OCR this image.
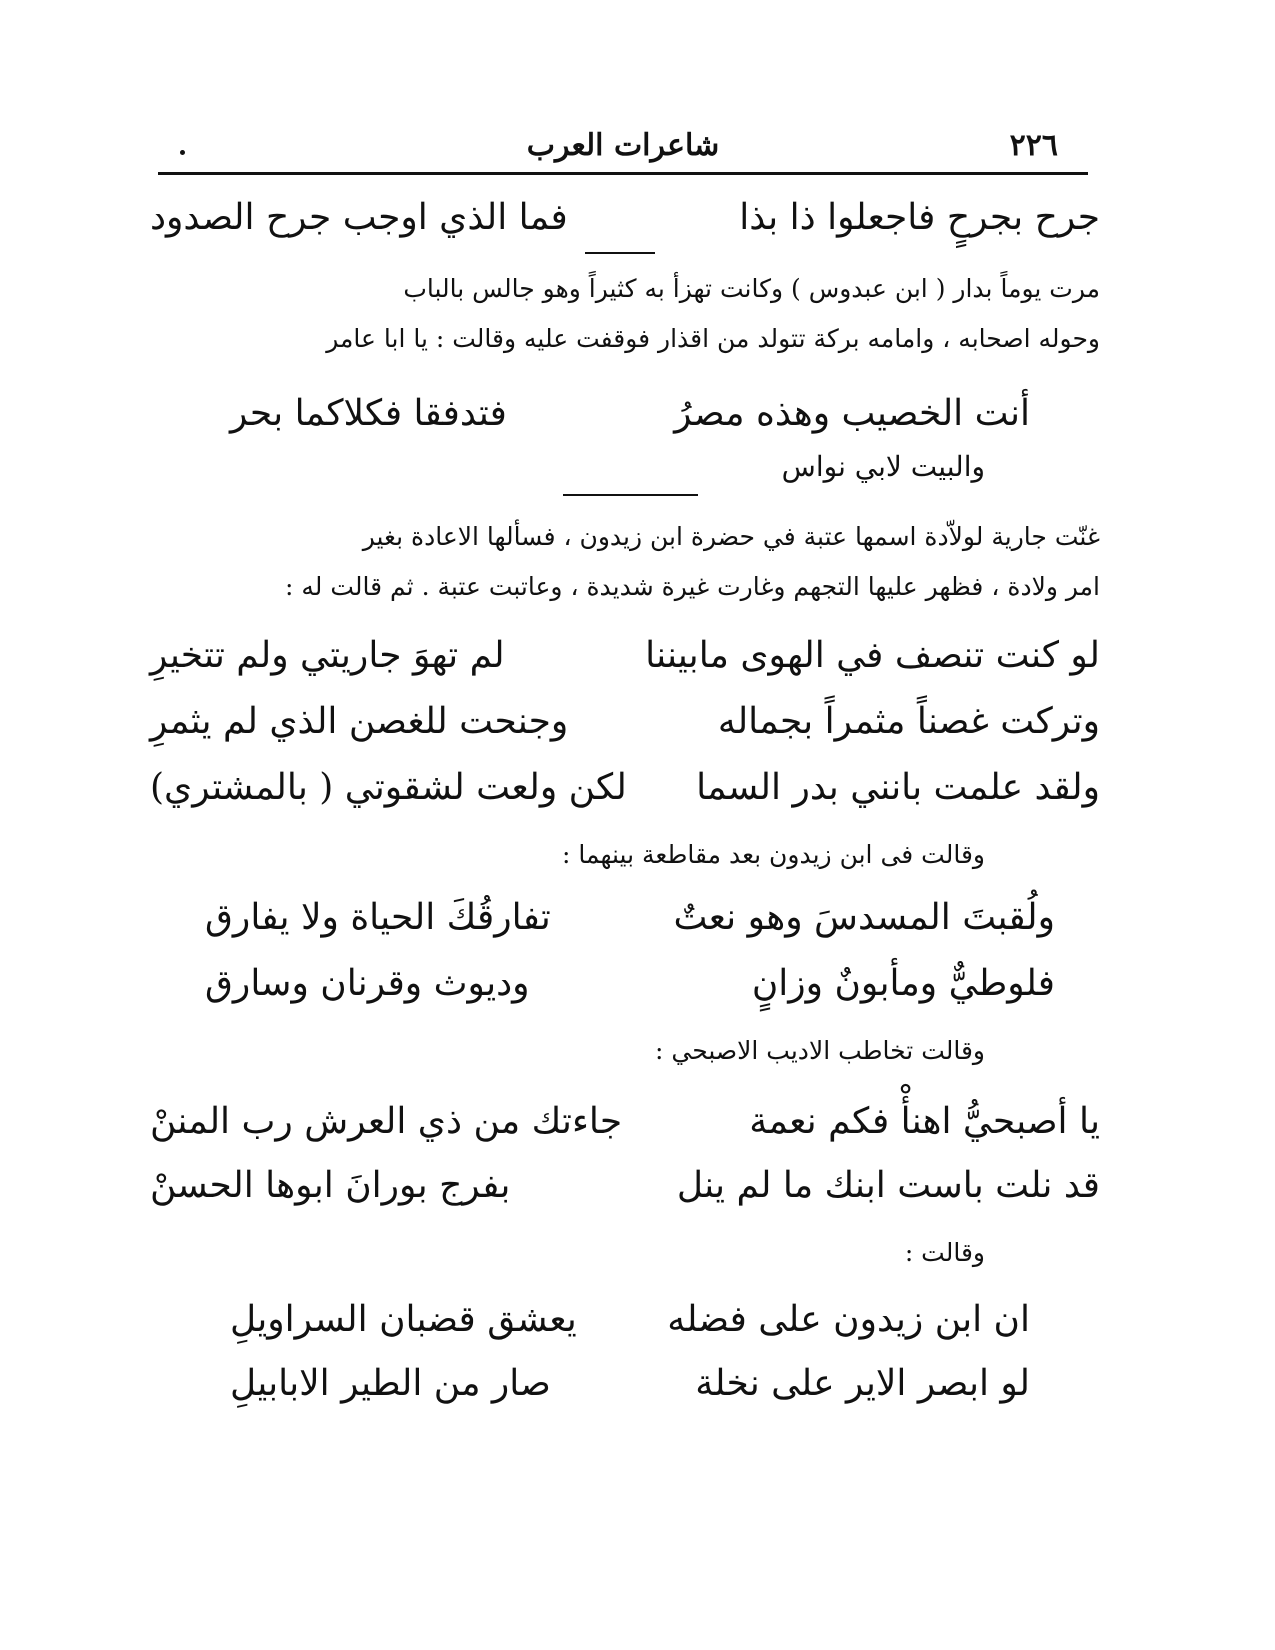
٢٢٦
شاعرات العرب
جرح بجرحٍ فاجعلوا ذا بذا
فما الذي اوجب جرح الصدود
مرت يوماً بدار ( ابن عبدوس ) وكانت تهزأ به كثيراً وهو جالس بالباب
وحوله اصحابه ، وامامه بركة تتولد من اقذار فوقفت عليه وقالت : يا ابا عامر
أنت الخصيب وهذه مصرُ
فتدفقا فكلاكما بحر
والبيت لابي نواس
غنّت جارية لولاّدة اسمها عتبة في حضرة ابن زيدون ، فسألها الاعادة بغير
امر ولادة ، فظهر عليها التجهم وغارت غيرة شديدة ، وعاتبت عتبة . ثم قالت له :
لو كنت تنصف في الهوى مابيننا
لم تهوَ جاريتي ولم تتخيرِ
وتركت غصناً مثمراً بجماله
وجنحت للغصن الذي لم يثمرِ
ولقد علمت بانني بدر السما
لكن ولعت لشقوتي ( بالمشتري)
وقالت فى ابن زيدون بعد مقاطعة بينهما :
ولُقبتَ المسدسَ وهو نعتٌ
تفارقُكَ الحياة ولا يفارق
فلوطيٌّ ومأبونٌ وزانٍ
وديوث وقرنان وسارق
وقالت تخاطب الاديب الاصبحي :
يا أصبحيُّ اهنأْ فكم نعمة
جاءتك من ذي العرش رب المننْ
قد نلت باست ابنك ما لم ينل
بفرج بورانَ ابوها الحسنْ
وقالت :
ان ابن زيدون على فضله
يعشق قضبان السراويلِ
لو ابصر الاير على نخلة
صار من الطير الابابيلِ
